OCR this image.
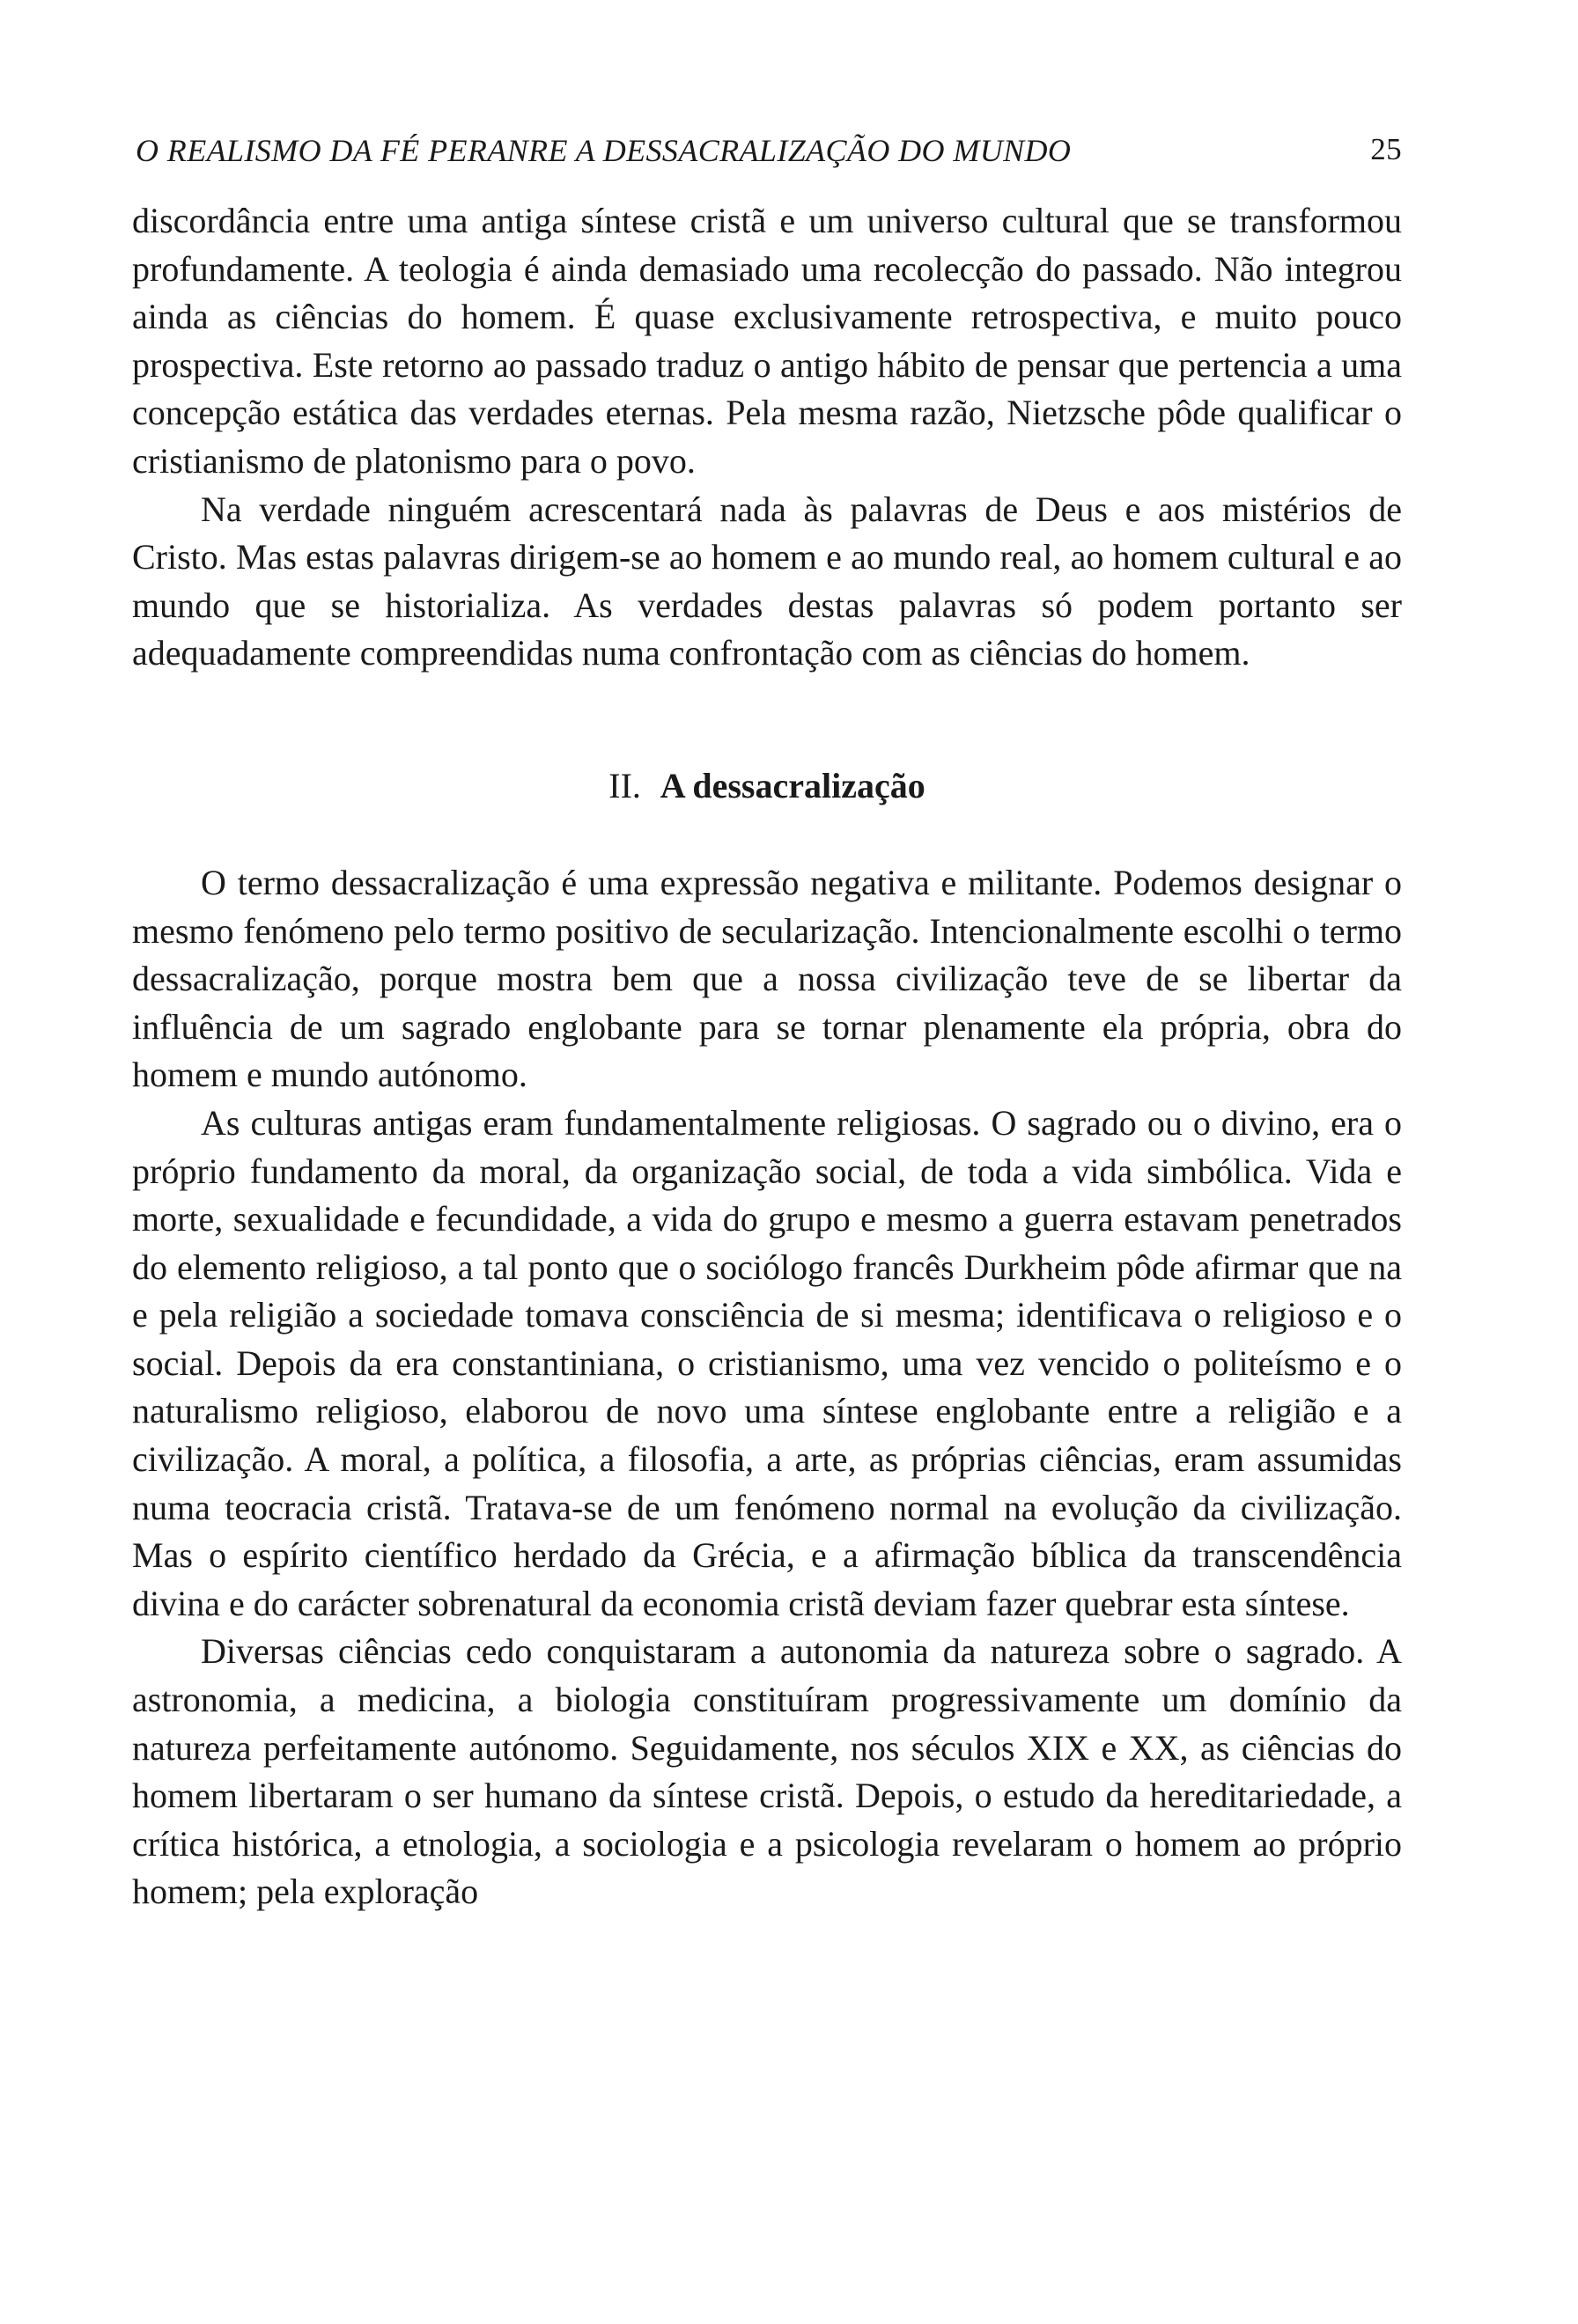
O REALISMO DA FÉ PERANRE A DESSACRALIZAÇÃO DO MUNDO	25

discordância entre uma antiga síntese cristã e um universo cultural que se transformou profundamente. A teologia é ainda demasiado uma recolecção do passado. Não integrou ainda as ciências do homem. É quase exclusivamente retrospectiva, e muito pouco prospectiva. Este retorno ao passado traduz o antigo hábito de pensar que pertencia a uma concepção estática das verdades eternas. Pela mesma razão, Nietzsche pôde qualificar o cristianismo de platonismo para o povo.

Na verdade ninguém acrescentará nada às palavras de Deus e aos mistérios de Cristo. Mas estas palavras dirigem-se ao homem e ao mundo real, ao homem cultural e ao mundo que se historializa. As verdades destas palavras só podem portanto ser adequadamente compreendidas numa confrontação com as ciências do homem.

II. A dessacralização

O termo dessacralização é uma expressão negativa e militante. Podemos designar o mesmo fenómeno pelo termo positivo de secularização. Intencionalmente escolhi o termo dessacralização, porque mostra bem que a nossa civilização teve de se libertar da influência de um sagrado englobante para se tornar plenamente ela própria, obra do homem e mundo autónomo.

As culturas antigas eram fundamentalmente religiosas. O sagrado ou o divino, era o próprio fundamento da moral, da organização social, de toda a vida simbólica. Vida e morte, sexualidade e fecundidade, a vida do grupo e mesmo a guerra estavam penetrados do elemento religioso, a tal ponto que o sociólogo francês Durkheim pôde afirmar que na e pela religião a sociedade tomava consciência de si mesma; identificava o religioso e o social. Depois da era constantiniana, o cristianismo, uma vez vencido o politeísmo e o naturalismo religioso, elaborou de novo uma síntese englobante entre a religião e a civilização. A moral, a política, a filosofia, a arte, as próprias ciências, eram assumidas numa teocracia cristã. Tratava-se de um fenómeno normal na evolução da civilização. Mas o espírito científico herdado da Grécia, e a afirmação bíblica da transcendência divina e do carácter sobrenatural da economia cristã deviam fazer quebrar esta síntese.

Diversas ciências cedo conquistaram a autonomia da natureza sobre o sagrado. A astronomia, a medicina, a biologia constituíram progressivamente um domínio da natureza perfeitamente autónomo. Seguidamente, nos séculos XIX e XX, as ciências do homem libertaram o ser humano da síntese cristã. Depois, o estudo da hereditariedade, a crítica histórica, a etnologia, a sociologia e a psicologia revelaram o homem ao próprio homem; pela exploração
